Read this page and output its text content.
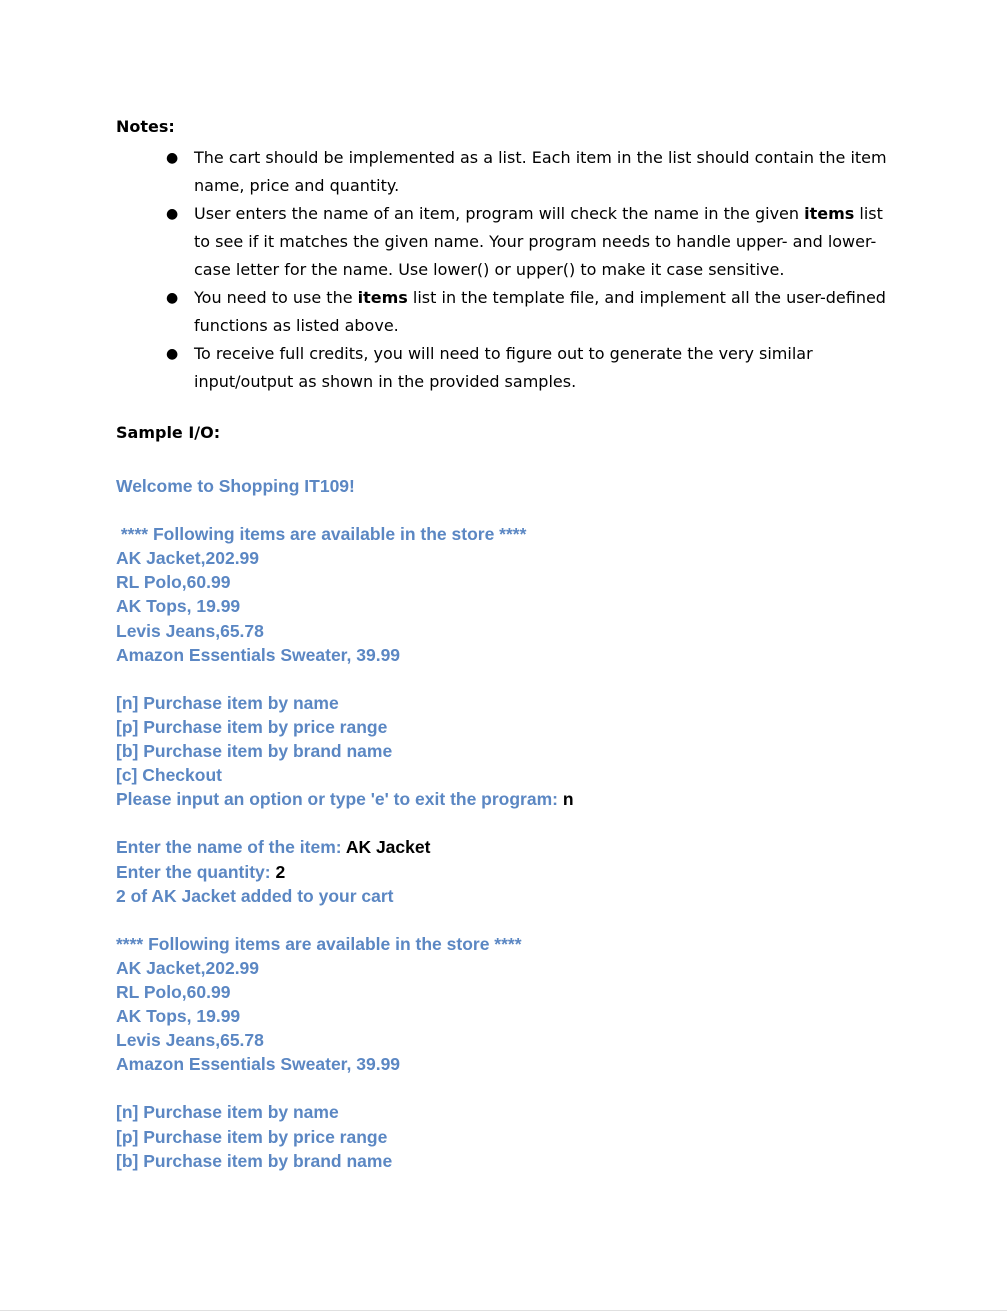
Notes:
● The cart should be implemented as a list. Each item in the list should contain the item name, price and quantity.
● User enters the name of an item, program will check the name in the given items list to see if it matches the given name. Your program needs to handle upper- and lower-case letter for the name. Use lower() or upper() to make it case sensitive.
● You need to use the items list in the template file, and implement all the user-defined functions as listed above.
● To receive full credits, you will need to figure out to generate the very similar input/output as shown in the provided samples.
Sample I/O:
Welcome to Shopping IT109!
**** Following items are available in the store ****
AK Jacket,202.99
RL Polo,60.99
AK Tops, 19.99
Levis Jeans,65.78
Amazon Essentials Sweater, 39.99
[n] Purchase item by name
[p] Purchase item by price range
[b] Purchase item by brand name
[c] Checkout
Please input an option or type 'e' to exit the program: n
Enter the name of the item: AK Jacket
Enter the quantity: 2
2 of AK Jacket added to your cart
**** Following items are available in the store ****
AK Jacket,202.99
RL Polo,60.99
AK Tops, 19.99
Levis Jeans,65.78
Amazon Essentials Sweater, 39.99
[n] Purchase item by name
[p] Purchase item by price range
[b] Purchase item by brand name
